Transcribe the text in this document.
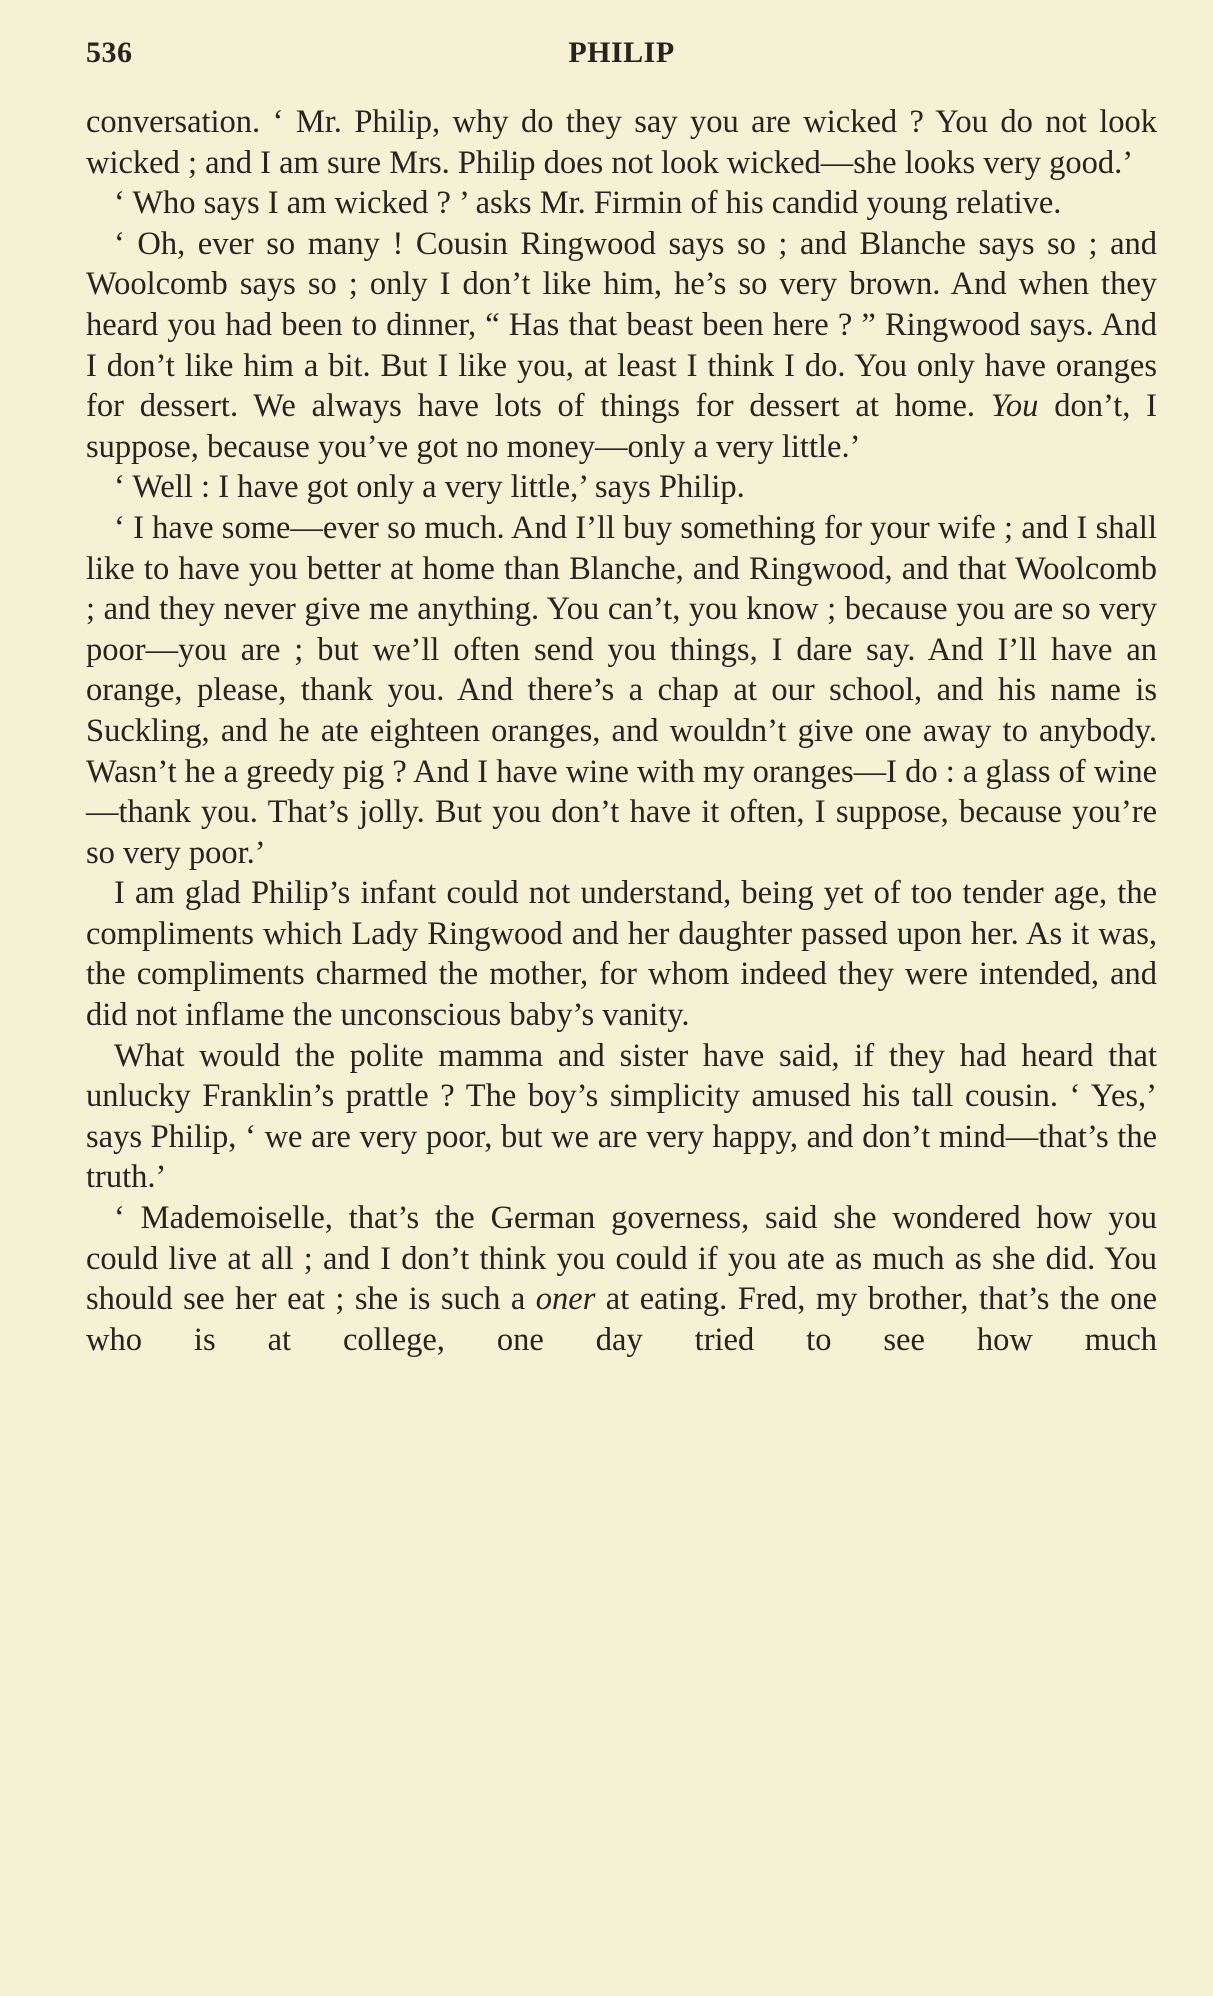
536	PHILIP

conversation. ‘ Mr. Philip, why do they say you are wicked ? You do not look wicked ; and I am sure Mrs. Philip does not look wicked—she looks very good.’

‘ Who says I am wicked ? ’ asks Mr. Firmin of his candid young relative.

‘ Oh, ever so many ! Cousin Ringwood says so ; and Blanche says so ; and Woolcomb says so ; only I don’t like him, he’s so very brown. And when they heard you had been to dinner, “ Has that beast been here ? ” Ringwood says. And I don’t like him a bit. But I like you, at least I think I do. You only have oranges for dessert. We always have lots of things for dessert at home. You don’t, I suppose, because you’ve got no money—only a very little.’

‘ Well : I have got only a very little,’ says Philip.

‘ I have some—ever so much. And I’ll buy something for your wife ; and I shall like to have you better at home than Blanche, and Ringwood, and that Woolcomb ; and they never give me anything. You can’t, you know ; because you are so very poor—you are ; but we’ll often send you things, I dare say. And I’ll have an orange, please, thank you. And there’s a chap at our school, and his name is Suckling, and he ate eighteen oranges, and wouldn’t give one away to anybody. Wasn’t he a greedy pig ? And I have wine with my oranges—I do : a glass of wine—thank you. That’s jolly. But you don’t have it often, I suppose, because you’re so very poor.’

I am glad Philip’s infant could not understand, being yet of too tender age, the compliments which Lady Ringwood and her daughter passed upon her. As it was, the compliments charmed the mother, for whom indeed they were intended, and did not inflame the unconscious baby’s vanity.

What would the polite mamma and sister have said, if they had heard that unlucky Franklin’s prattle ? The boy’s simplicity amused his tall cousin. ‘ Yes,’ says Philip, ‘ we are very poor, but we are very happy, and don’t mind—that’s the truth.’

‘ Mademoiselle, that’s the German governess, said she wondered how you could live at all ; and I don’t think you could if you ate as much as she did. You should see her eat ; she is such a oner at eating. Fred, my brother, that’s the one who is at college, one day tried to see how much
